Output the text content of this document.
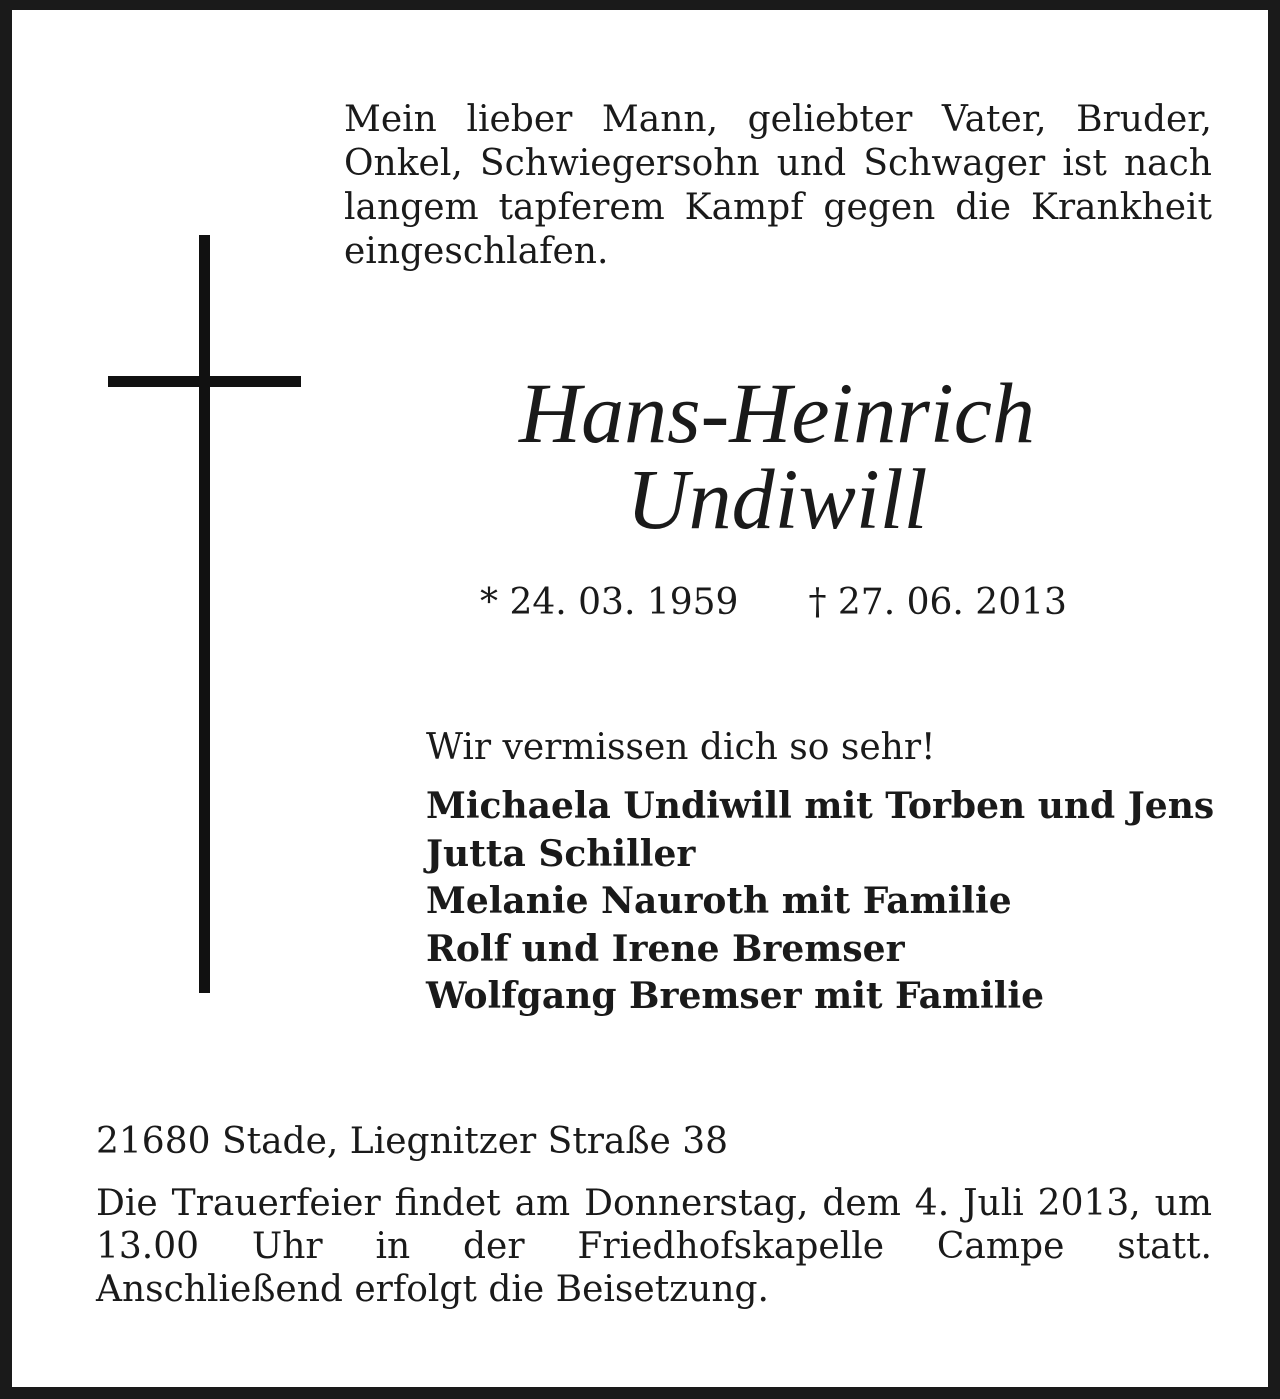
Mein lieber Mann, geliebter Vater, Bruder, Onkel, Schwiegersohn und Schwager ist nach langem tapferem Kampf gegen die Krankheit eingeschlafen.

Hans-Heinrich
Undiwill
* 24. 03. 1959 † 27. 06. 2013
Wir vermissen dich so sehr!
Michaela Undiwill mit Torben und Jens
Jutta Schiller
Melanie Nauroth mit Familie
Rolf und Irene Bremser
Wolfgang Bremser mit Familie
21680 Stade, Liegnitzer Straße 38

Die Trauerfeier findet am Donnerstag, dem 4. Juli 2013, um 13.00 Uhr in der Friedhofskapelle Campe statt. Anschließend erfolgt die Beisetzung.
